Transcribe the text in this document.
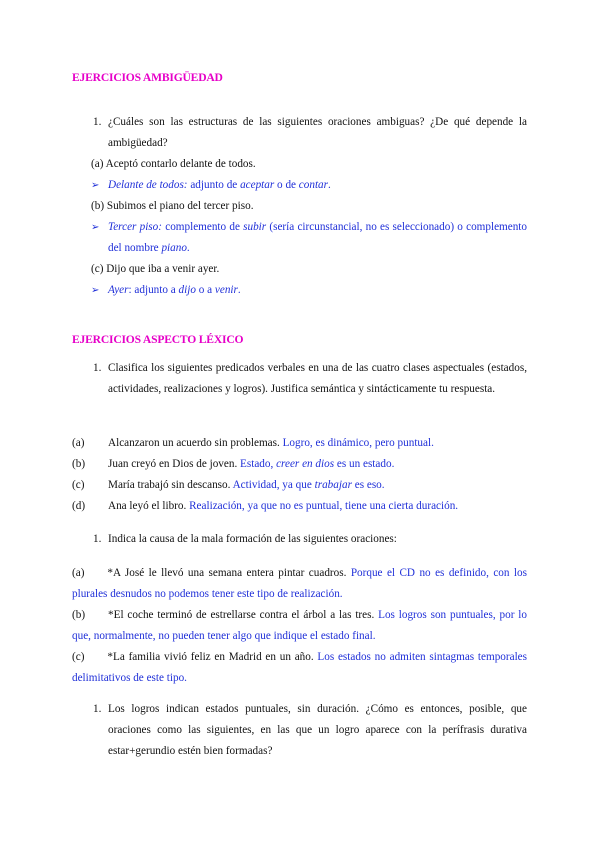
EJERCICIOS AMBIGÜEDAD
1. ¿Cuáles son las estructuras de las siguientes oraciones ambiguas? ¿De qué depende la ambigüedad?
(a) Aceptó contarlo delante de todos.
➢ Delante de todos: adjunto de aceptar o de contar.
(b) Subimos el piano del tercer piso.
➢ Tercer piso: complemento de subir (sería circunstancial, no es seleccionado) o complemento del nombre piano.
(c) Dijo que iba a venir ayer.
➢ Ayer: adjunto a dijo o a venir.
EJERCICIOS ASPECTO LÉXICO
1. Clasifica los siguientes predicados verbales en una de las cuatro clases aspectuales (estados, actividades, realizaciones y logros). Justifica semántica y sintácticamente tu respuesta.
(a) Alcanzaron un acuerdo sin problemas. Logro, es dinámico, pero puntual.
(b) Juan creyó en Dios de joven. Estado, creer en dios es un estado.
(c) María trabajó sin descanso. Actividad, ya que trabajar es eso.
(d) Ana leyó el libro. Realización, ya que no es puntual, tiene una cierta duración.
1. Indica la causa de la mala formación de las siguientes oraciones:
(a) *A José le llevó una semana entera pintar cuadros. Porque el CD no es definido, con los plurales desnudos no podemos tener este tipo de realización.
(b) *El coche terminó de estrellarse contra el árbol a las tres. Los logros son puntuales, por lo que, normalmente, no pueden tener algo que indique el estado final.
(c) *La familia vivió feliz en Madrid en un año. Los estados no admiten sintagmas temporales delimitativos de este tipo.
1. Los logros indican estados puntuales, sin duración. ¿Cómo es entonces, posible, que oraciones como las siguientes, en las que un logro aparece con la perífrasis durativa estar+gerundio estén bien formadas?
